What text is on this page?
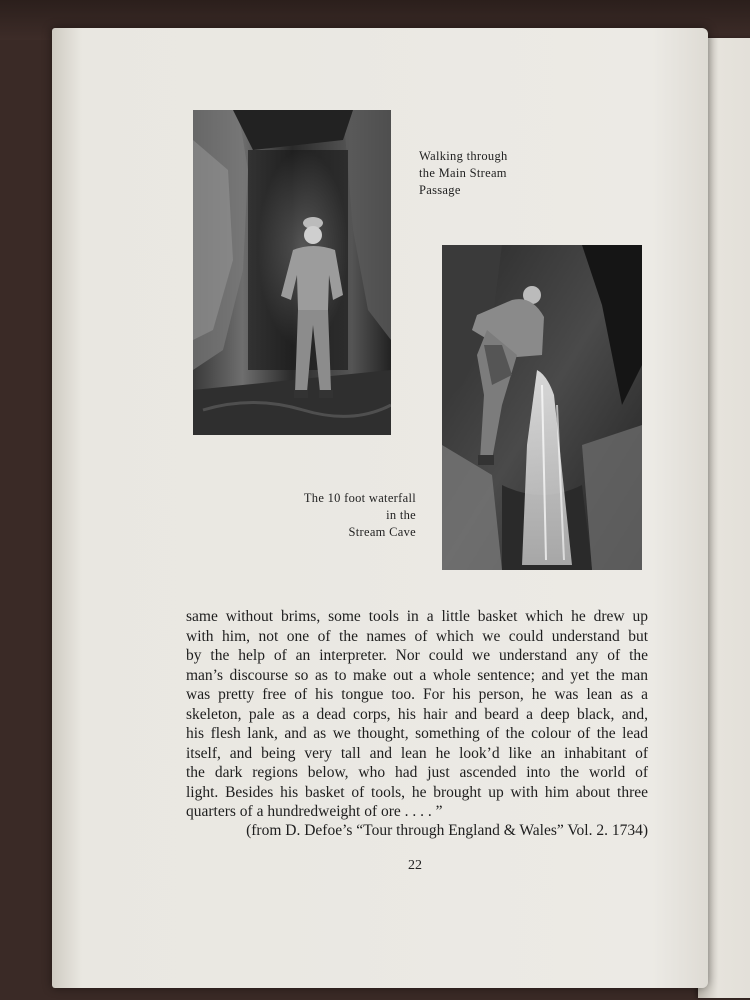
Walking through
the Main Stream
Passage
The 10 foot waterfall
in the
Stream Cave
same without brims, some tools in a little basket which he drew up
with him, not one of the names of which we could understand but
by the help of an interpreter. Nor could we understand any of the
man’s discourse so as to make out a whole sentence; and yet the man
was pretty free of his tongue too. For his person, he was lean as a
skeleton, pale as a dead corps, his hair and beard a deep black, and,
his flesh lank, and as we thought, something of the colour of the lead
itself, and being very tall and lean he look’d like an inhabitant of
the dark regions below, who had just ascended into the world of
light. Besides his basket of tools, he brought up with him about three
quarters of a hundredweight of ore . . . . ”
(from D. Defoe’s “Tour through England & Wales” Vol. 2. 1734)
22
